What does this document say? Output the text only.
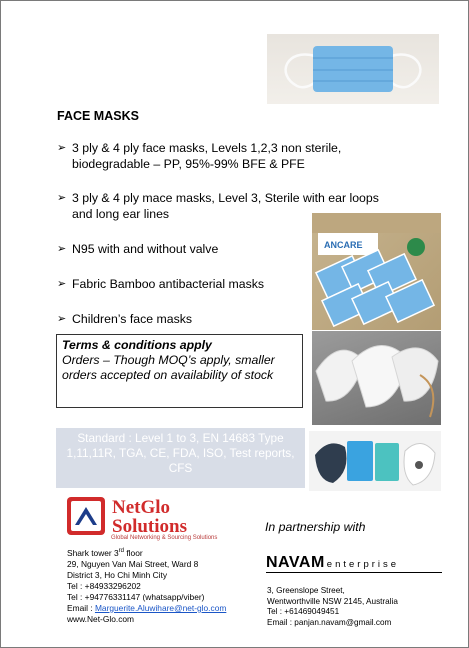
FACE MASKS
➢ 3 ply & 4 ply face masks, Levels 1,2,3 non sterile,
biodegradable – PP, 95%-99% BFE & PFE
➢ 3 ply & 4 ply mace masks, Level 3, Sterile with ear loops
and long ear lines
➢ N95 with and without valve
➢ Fabric Bamboo antibacterial masks
➢ Children’s face masks
ANCARE
Terms & conditions apply
Orders – Though MOQ’s apply, smaller orders accepted on availability of stock
Standard : Level 1 to 3, EN 14683 Type 1,11,11R, TGA, CE, FDA, ISO, Test reports, CFS
NetGlo
Solutions
Global Networking & Sourcing Solutions
Shark tower 3rd floor
29, Nguyen Van Mai Street, Ward 8
District 3, Ho Chi Minh City
Tel : +84933296202
Tel : +94776331147 (whatsapp/viber)
Email : Marguerite.Aluwihare@net-glo.com
www.Net-Glo.com
In partnership with
NAVAM enterprise
3, Greenslope Street,
Wentworthville NSW 2145, Australia
Tel : +61469049451
Email : panjan.navam@gmail.com
